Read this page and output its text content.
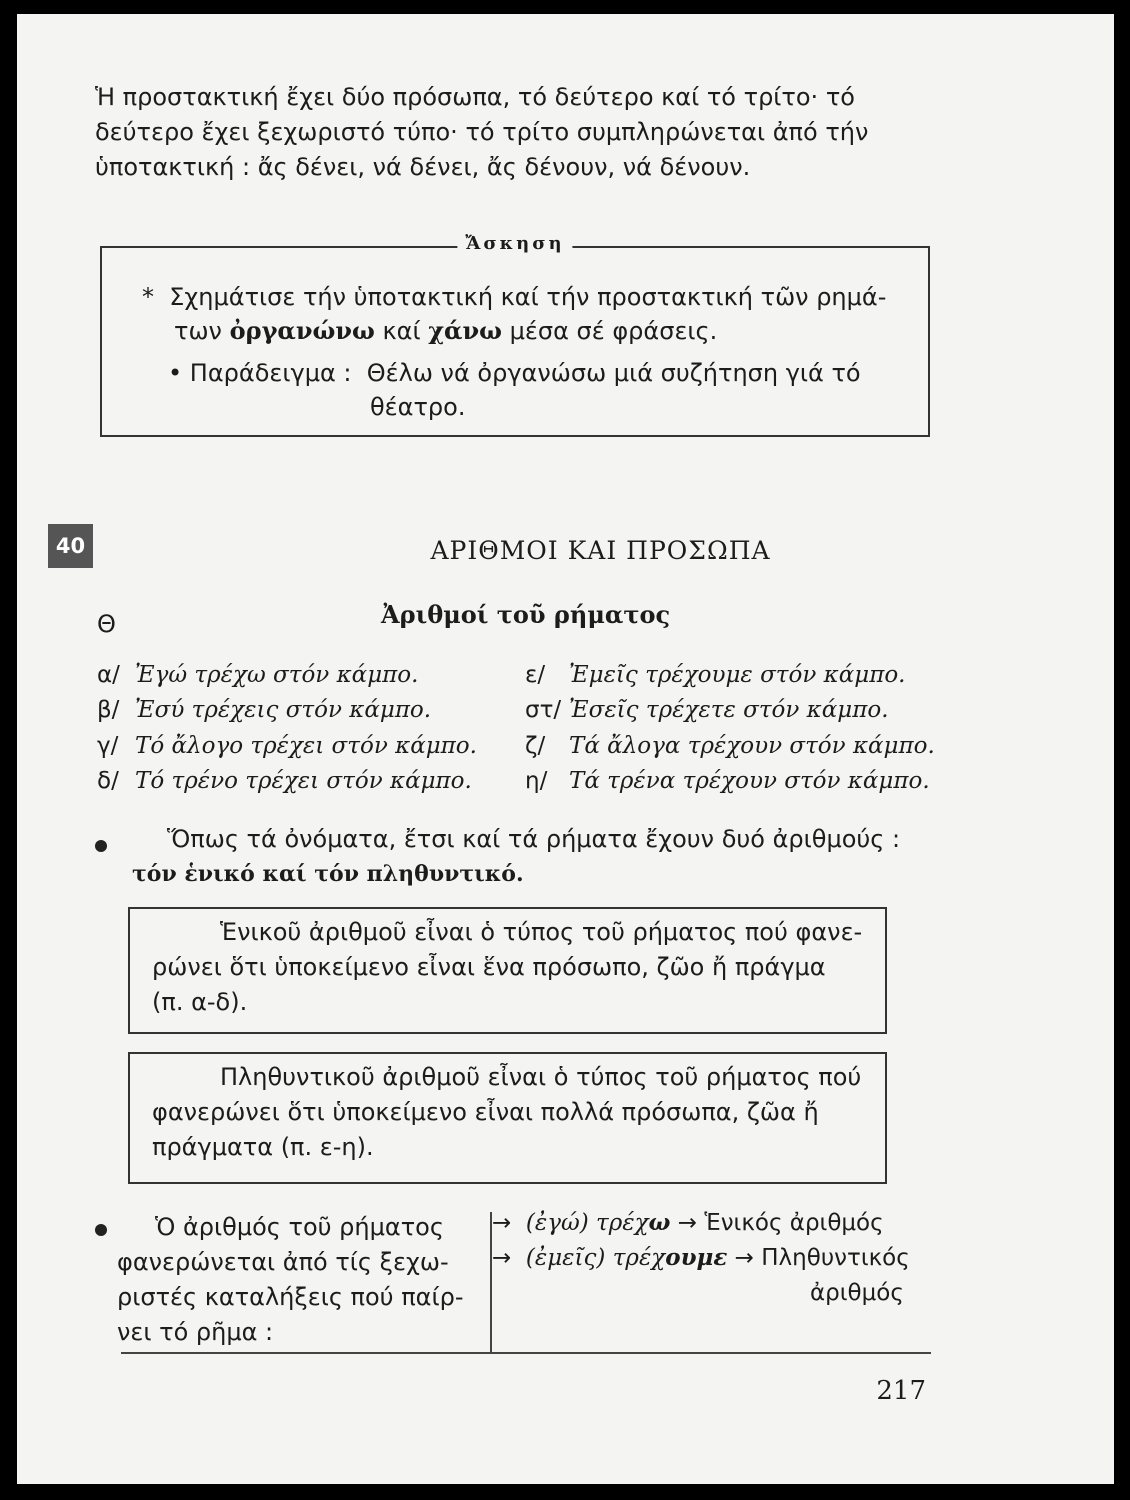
Ἡ προστακτική ἔχει δύο πρόσωπα, τό δεύτερο καί τό τρίτο· τό
δεύτερο ἔχει ξεχωριστό τύπο· τό τρίτο συμπληρώνεται ἀπό τήν
ὑποτακτική : ἄς δένει, νά δένει, ἄς δένουν, νά δένουν.
Ἄσκηση
* Σχημάτισε τήν ὑποτακτική καί τήν προστακτική τῶν ρημά-
των ὀργανώνω καί χάνω μέσα σέ φράσεις.
• Παράδειγμα : Θέλω νά ὀργανώσω μιά συζήτηση γιά τό
θέατρο.
40	ΑΡΙΘΜΟΙ ΚΑΙ ΠΡΟΣΩΠΑ
Θ	Ἀριθμοί τοῦ ρήματος
α/ Ἐγώ τρέχω στόν κάμπο.
β/ Ἐσύ τρέχεις στόν κάμπο.
γ/ Τό ἄλογο τρέχει στόν κάμπο.
δ/ Τό τρένο τρέχει στόν κάμπο.
ε/ Ἐμεῖς τρέχουμε στόν κάμπο.
στ/ Ἐσεῖς τρέχετε στόν κάμπο.
ζ/ Τά ἄλογα τρέχουν στόν κάμπο.
η/ Τά τρένα τρέχουν στόν κάμπο.
Ὅπως τά ὀνόματα, ἔτσι καί τά ρήματα ἔχουν δυό ἀριθμούς :
τόν ἑνικό καί τόν πληθυντικό.
Ἑνικοῦ ἀριθμοῦ εἶναι ὁ τύπος τοῦ ρήματος πού φανε-
ρώνει ὅτι ὑποκείμενο εἶναι ἕνα πρόσωπο, ζῶο ἤ πράγμα
(π. α-δ).
Πληθυντικοῦ ἀριθμοῦ εἶναι ὁ τύπος τοῦ ρήματος πού
φανερώνει ὅτι ὑποκείμενο εἶναι πολλά πρόσωπα, ζῶα ἤ
πράγματα (π. ε-η).
Ὁ ἀριθμός τοῦ ρήματος
φανερώνεται ἀπό τίς ξεχω-
ριστές καταλήξεις πού παίρ-
νει τό ρῆμα :
→ (ἐγώ) τρέχω → Ἑνικός ἀριθμός
→ (ἐμεῖς) τρέχουμε → Πληθυντικός
ἀριθμός
217
